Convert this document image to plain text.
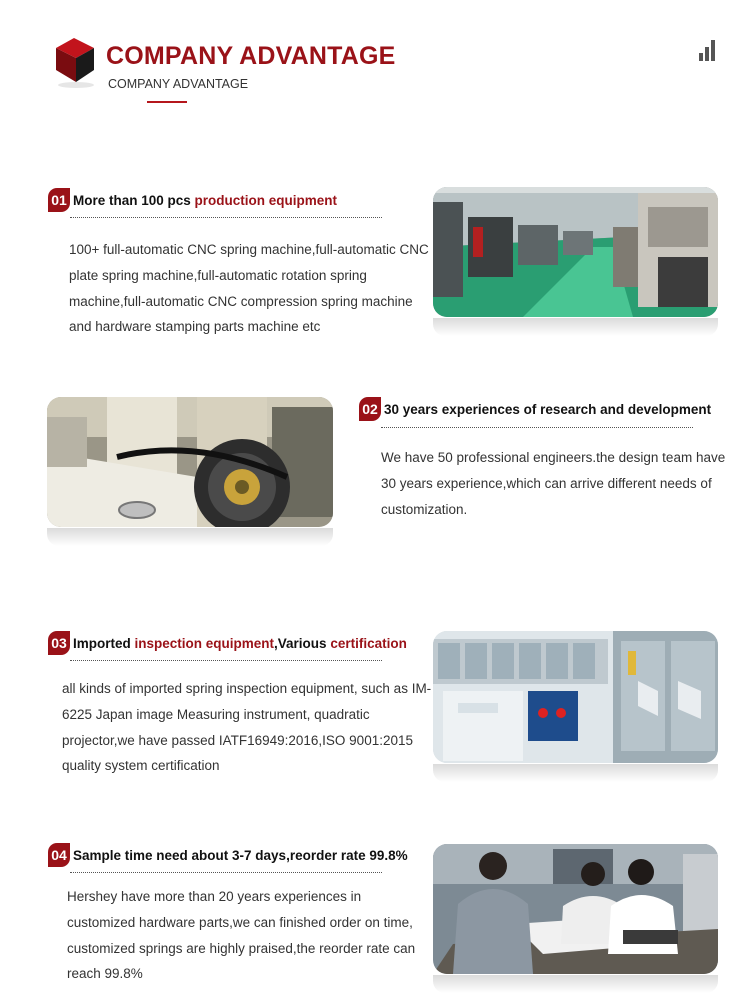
COMPANY ADVANTAGE
COMPANY ADVANTAGE
01 More than 100 pcs production equipment
100+ full-automatic CNC spring machine,full-automatic CNC plate spring machine,full-automatic rotation spring machine,full-automatic CNC compression spring machine and hardware stamping parts machine etc
02 30 years experiences of research and development
We have 50 professional engineers.the design team have 30 years experience,which can arrive different needs of customization.
03 Imported inspection equipment,Various certification
all kinds of imported spring inspection equipment, such as IM-6225 Japan image Measuring instrument, quadratic projector,we have passed IATF16949:2016,ISO 9001:2015 quality system certification
04 Sample time need about 3-7 days,reorder rate 99.8%
Hershey have more than 20 years experiences in customized hardware parts,we can finished order on time, customized springs are highly praised,the reorder rate can reach 99.8%
